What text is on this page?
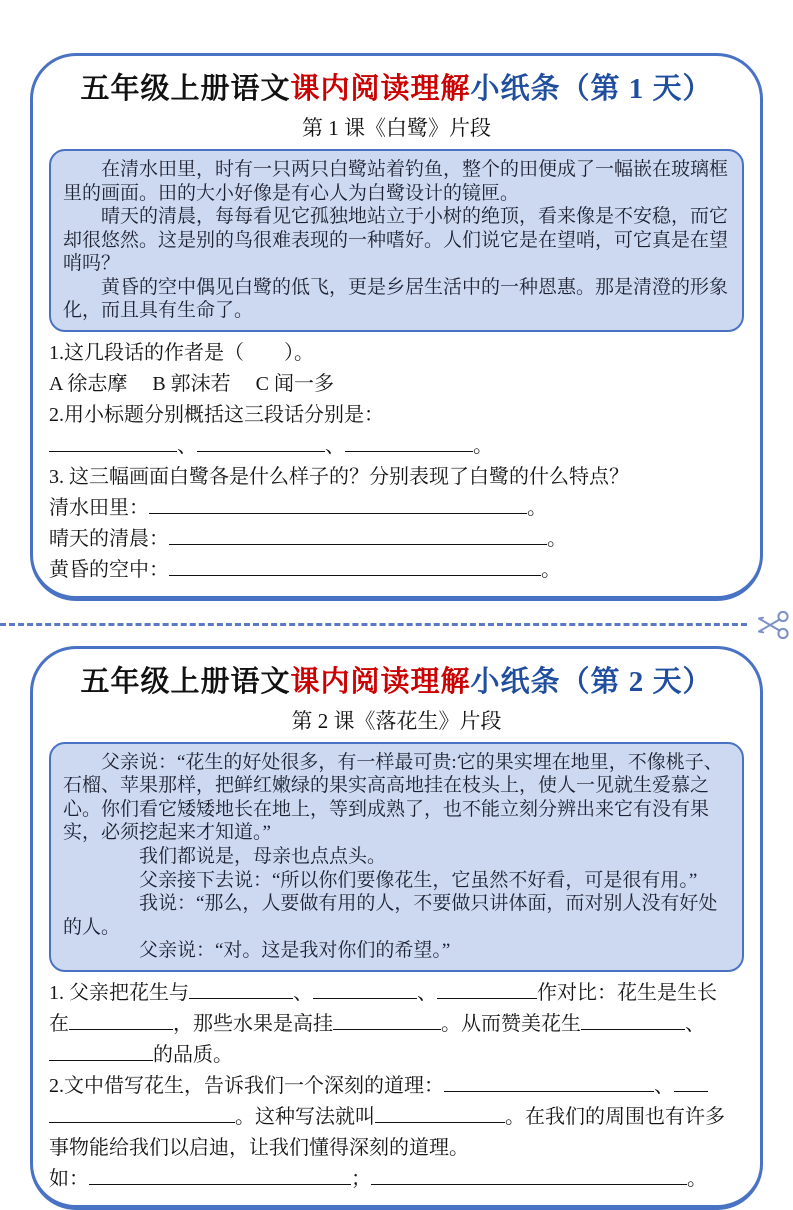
五年级上册语文课内阅读理解小纸条（第 1 天）
第 1 课《白鹭》片段

在清水田里，时有一只两只白鹭站着钓鱼，整个的田便成了一幅嵌在玻璃框里的画面。田的大小好像是有心人为白鹭设计的镜匣。

晴天的清晨，每每看见它孤独地站立于小树的绝顶，看来像是不安稳，而它却很悠然。这是别的鸟很难表现的一种嗜好。人们说它是在望哨，可它真是在望哨吗？

黄昏的空中偶见白鹭的低飞，更是乡居生活中的一种恩惠。那是清澄的形象化，而且具有生命了。

1.这几段话的作者是（        ）。
A 徐志摩     B 郭沫若     C 闻一多
2.用小标题分别概括这三段话分别是：
、	、	。
3. 这三幅画面白鹭各是什么样子的？分别表现了白鹭的什么特点？
清水田里：	。
晴天的清晨：	。
黄昏的空中：	。
五年级上册语文课内阅读理解小纸条（第 2 天）
第 2 课《落花生》片段

父亲说：“花生的好处很多，有一样最可贵:它的果实埋在地里，不像桃子、石榴、苹果那样，把鲜红嫩绿的果实高高地挂在枝头上，使人一见就生爱慕之心。你们看它矮矮地长在地上，等到成熟了，也不能立刻分辨出来它有没有果实，必须挖起来才知道。”

我们都说是，母亲也点点头。

父亲接下去说：“所以你们要像花生，它虽然不好看，可是很有用。”

我说：“那么，人要做有用的人，不要做只讲体面，而对别人没有好处的人。

父亲说：“对。这是我对你们的希望。”

1. 父亲把花生与	、	、	作对比：花生是生长
在	，那些水果是高挂	。从而赞美花生	、
的品质。
2.文中借写花生，告诉我们一个深刻的道理：	、
。这种写法就叫	。在我们的周围也有许多
事物能给我们以启迪，让我们懂得深刻的道理。
如：	；	。
